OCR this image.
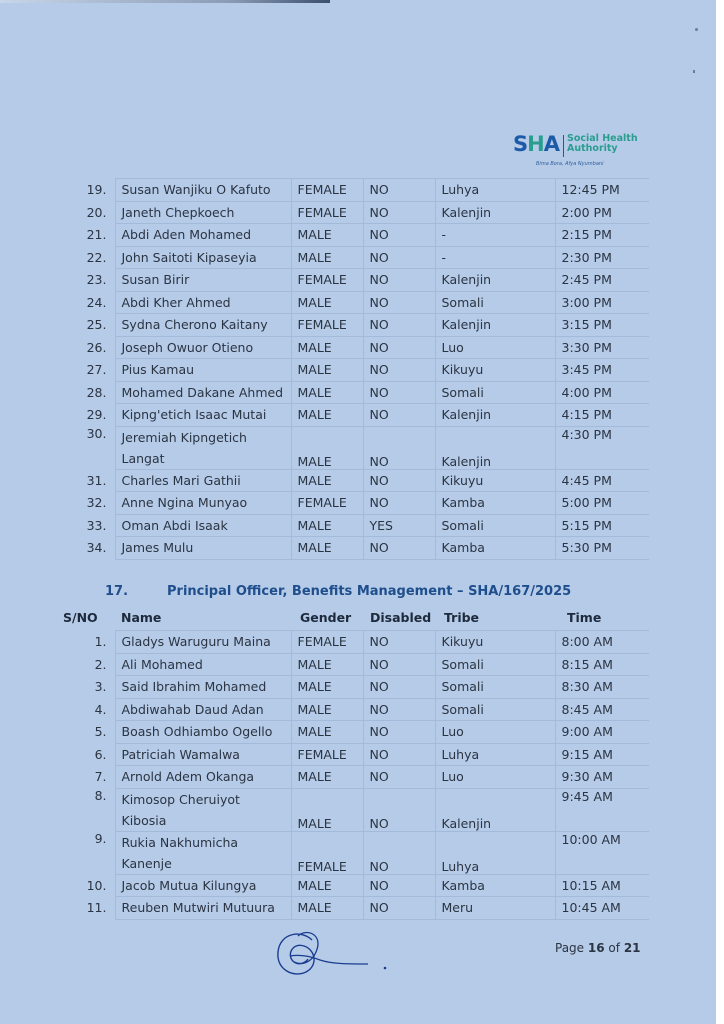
SHA Social Health
Authority
Bima Bora, Afya Nyumbani
19.	Susan Wanjiku O Kafuto	FEMALE	NO	Luhya	12:45 PM
20.	Janeth Chepkoech	FEMALE	NO	Kalenjin	2:00 PM
21.	Abdi Aden Mohamed	MALE	NO	-	2:15 PM
22.	John Saitoti Kipaseyia	MALE	NO	-	2:30 PM
23.	Susan Birir	FEMALE	NO	Kalenjin	2:45 PM
24.	Abdi Kher Ahmed	MALE	NO	Somali	3:00 PM
25.	Sydna Cherono Kaitany	FEMALE	NO	Kalenjin	3:15 PM
26.	Joseph Owuor Otieno	MALE	NO	Luo	3:30 PM
27.	Pius Kamau	MALE	NO	Kikuyu	3:45 PM
28.	Mohamed Dakane Ahmed	MALE	NO	Somali	4:00 PM
29.	Kipng'etich Isaac Mutai	MALE	NO	Kalenjin	4:15 PM
30.	Jeremiah Kipngetich
Langat	MALE	NO	Kalenjin	4:30 PM
31.	Charles Mari Gathii	MALE	NO	Kikuyu	4:45 PM
32.	Anne Ngina Munyao	FEMALE	NO	Kamba	5:00 PM
33.	Oman Abdi Isaak	MALE	YES	Somali	5:15 PM
34.	James Mulu	MALE	NO	Kamba	5:30 PM
17.	Principal Officer, Benefits Management – SHA/167/2025
S/NO Name	Gender Disabled Tribe	Time
1.	Gladys Waruguru Maina	FEMALE	NO	Kikuyu	8:00 AM
2.	Ali Mohamed	MALE	NO	Somali	8:15 AM
3.	Said Ibrahim Mohamed	MALE	NO	Somali	8:30 AM
4.	Abdiwahab Daud Adan	MALE	NO	Somali	8:45 AM
5.	Boash Odhiambo Ogello	MALE	NO	Luo	9:00 AM
6.	Patriciah Wamalwa	FEMALE	NO	Luhya	9:15 AM
7.	Arnold Adem Okanga	MALE	NO	Luo	9:30 AM
8.	Kimosop Cheruiyot
Kibosia	MALE	NO	Kalenjin	9:45 AM
9.	Rukia Nakhumicha
Kanenje	FEMALE	NO	Luhya	10:00 AM
10.	Jacob Mutua Kilungya	MALE	NO	Kamba	10:15 AM
11.	Reuben Mutwiri Mutuura	MALE	NO	Meru	10:45 AM
Page 16 of 21
